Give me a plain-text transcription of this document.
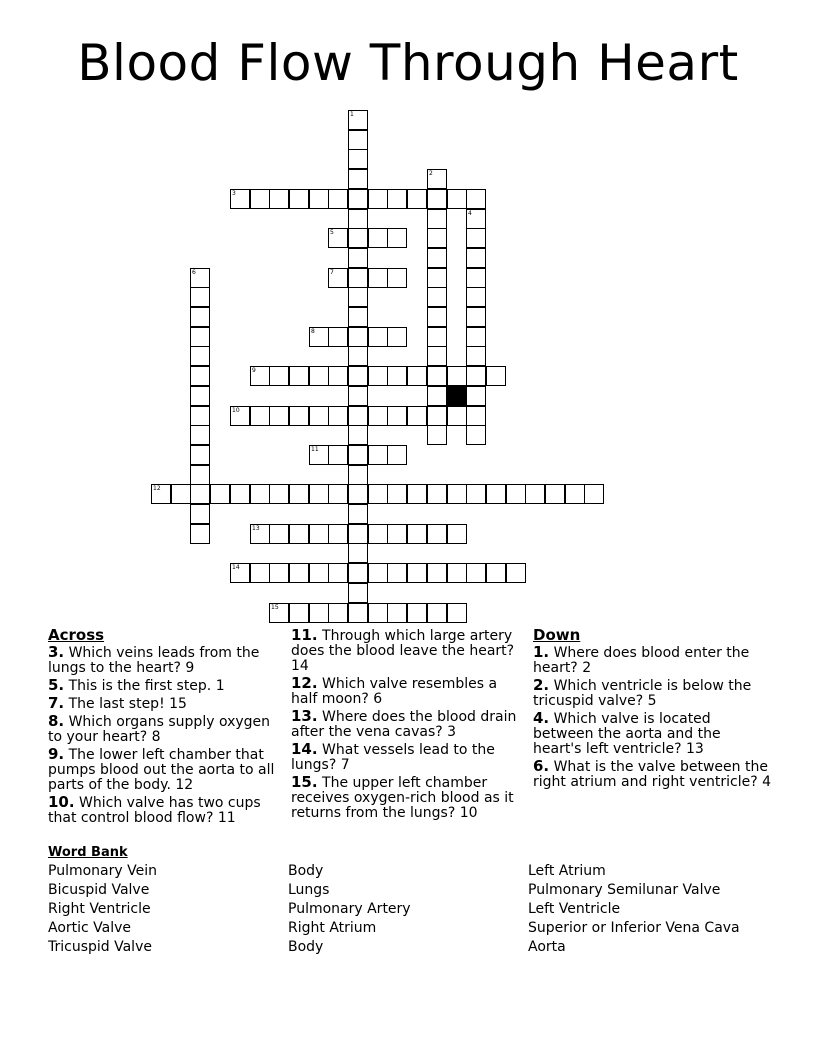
Blood Flow Through Heart
1
2
3
4
5
6	7
8
9
10
11
12
13
14
15
Across
3. Which veins leads from the lungs to the heart? 9
5. This is the first step. 1
7. The last step! 15
8. Which organs supply oxygen to your heart? 8
9. The lower left chamber that pumps blood out the aorta to all parts of the body. 12
10. Which valve has two cups that control blood flow? 11
11. Through which large artery does the blood leave the heart? 14
12. Which valve resembles a half moon? 6
13. Where does the blood drain after the vena cavas? 3
14. What vessels lead to the lungs? 7
15. The upper left chamber receives oxygen-rich blood as it returns from the lungs? 10
Down
1. Where does blood enter the heart? 2
2. Which ventricle is below the tricuspid valve? 5
4. Which valve is located between the aorta and the heart's left ventricle? 13
6. What is the valve between the right atrium and right ventricle? 4
Word Bank
Pulmonary Vein
Bicuspid Valve
Right Ventricle
Aortic Valve
Tricuspid Valve
Body
Lungs
Pulmonary Artery
Right Atrium
Body
Left Atrium
Pulmonary Semilunar Valve
Left Ventricle
Superior or Inferior Vena Cava
Aorta
